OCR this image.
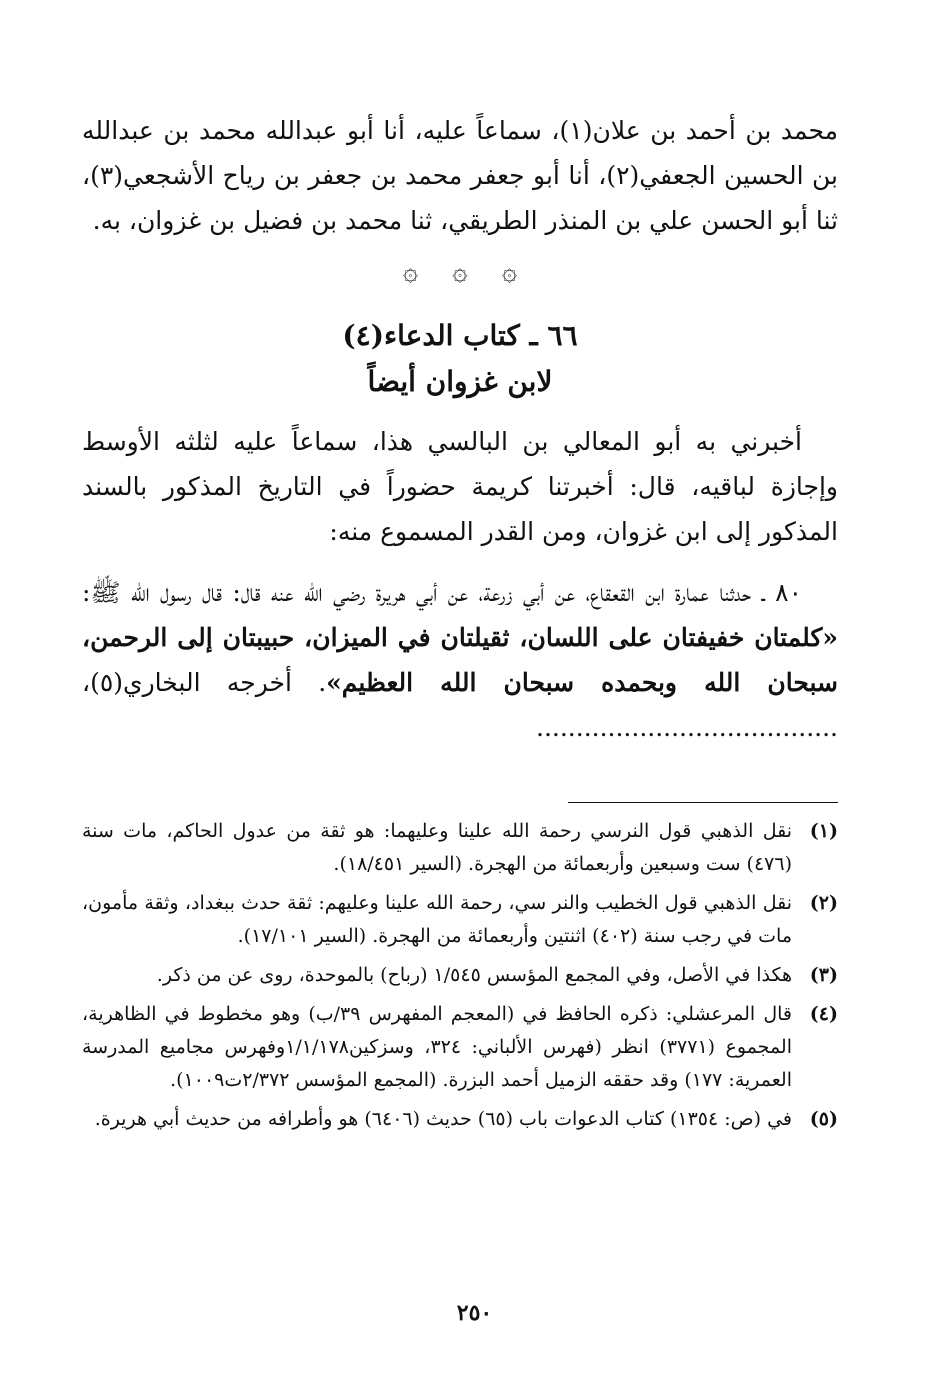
محمد بن أحمد بن علان(١)، سماعاً عليه، أنا أبو عبدالله محمد بن عبدالله بن الحسين الجعفي(٢)، أنا أبو جعفر محمد بن جعفر بن رياح الأشجعي(٣)، ثنا أبو الحسن علي بن المنذر الطريقي، ثنا محمد بن فضيل بن غزوان، به.

۞ ۞ ۞
٦٦ ـ كتاب الدعاء(٤)
لابن غزوان أيضاً

أخبرني به أبو المعالي بن البالسي هذا، سماعاً عليه لثلثه الأوسط وإجازة لباقيه، قال: أخبرتنا كريمة حضوراً في التاريخ المذكور بالسند المذكور إلى ابن غزوان، ومن القدر المسموع منه:

٨٠ ـ حدثنا عمارة ابن القعقاع، عن أبي زرعة، عن أبي هريرة رضي الله عنه قال: قال رسول الله ﷺ: «كلمتان خفيفتان على اللسان، ثقيلتان في الميزان، حبيبتان إلى الرحمن، سبحان الله وبحمده سبحان الله العظيم». أخرجه البخاري(٥)، ......................................

(١)
نقل الذهبي قول النرسي رحمة الله علينا وعليهما: هو ثقة من عدول الحاكم، مات سنة (٤٧٦) ست وسبعين وأربعمائة من الهجرة. (السير ١٨/٤٥١).
(٢)
نقل الذهبي قول الخطيب والنر سي، رحمة الله علينا وعليهم: ثقة حدث ببغداد، وثقة مأمون، مات في رجب سنة (٤٠٢) اثنتين وأربعمائة من الهجرة. (السير ١٧/١٠١).
(٣)
هكذا في الأصل، وفي المجمع المؤسس ١/٥٤٥ (رباح) بالموحدة، روى عن من ذكر.
(٤)
قال المرعشلي: ذكره الحافظ في (المعجم المفهرس ٣٩/ب) وهو مخطوط في الظاهرية، المجموع (٣٧٧١) انظر (فهرس الألباني: ٣٢٤، وسزكين١/١/١٧٨وفهرس مجاميع المدرسة العمرية: ١٧٧) وقد حققه الزميل أحمد البزرة. (المجمع المؤسس ٢/٣٧٢ت١٠٠٩).
(٥)
في (ص: ١٣٥٤) كتاب الدعوات باب (٦٥) حديث (٦٤٠٦) هو وأطرافه من حديث أبي هريرة.
٢٥٠
